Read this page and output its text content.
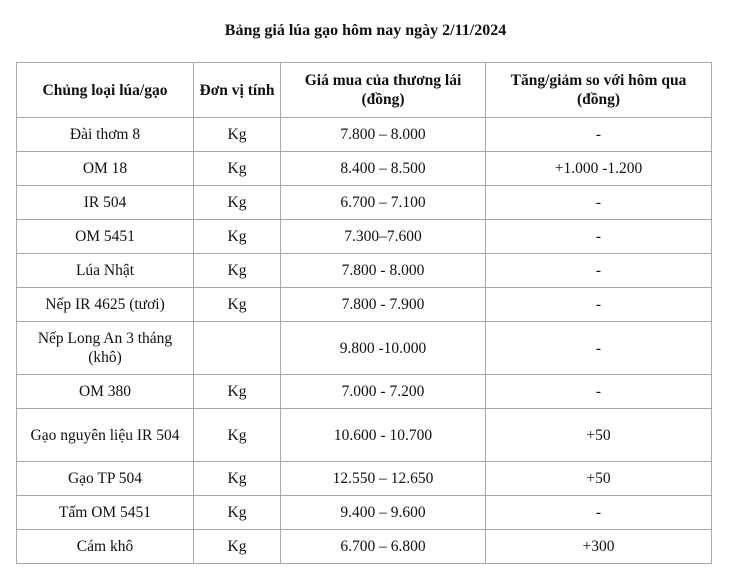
Bảng giá lúa gạo hôm nay ngày 2/11/2024
Chủng loại lúa/gạo	Đơn vị tính	Giá mua của thương lái (đồng)	Tăng/giảm so với hôm qua (đồng)
Đài thơm 8	Kg	7.800 – 8.000	-
OM 18	Kg	8.400 – 8.500	+1.000 -1.200
IR 504	Kg	6.700 – 7.100	-
OM 5451	Kg	7.300–7.600	-
Lúa Nhật	Kg	7.800 - 8.000	-
Nếp IR 4625 (tươi)	Kg	7.800 - 7.900	-
Nếp Long An 3 tháng (khô)		9.800 -10.000	-
OM 380	Kg	7.000 - 7.200	-
Gạo nguyên liệu IR 504	Kg	10.600 - 10.700	+50
Gạo TP 504	Kg	12.550 – 12.650	+50
Tấm OM 5451	Kg	9.400 – 9.600	-
Cám khô	Kg	6.700 – 6.800	+300
